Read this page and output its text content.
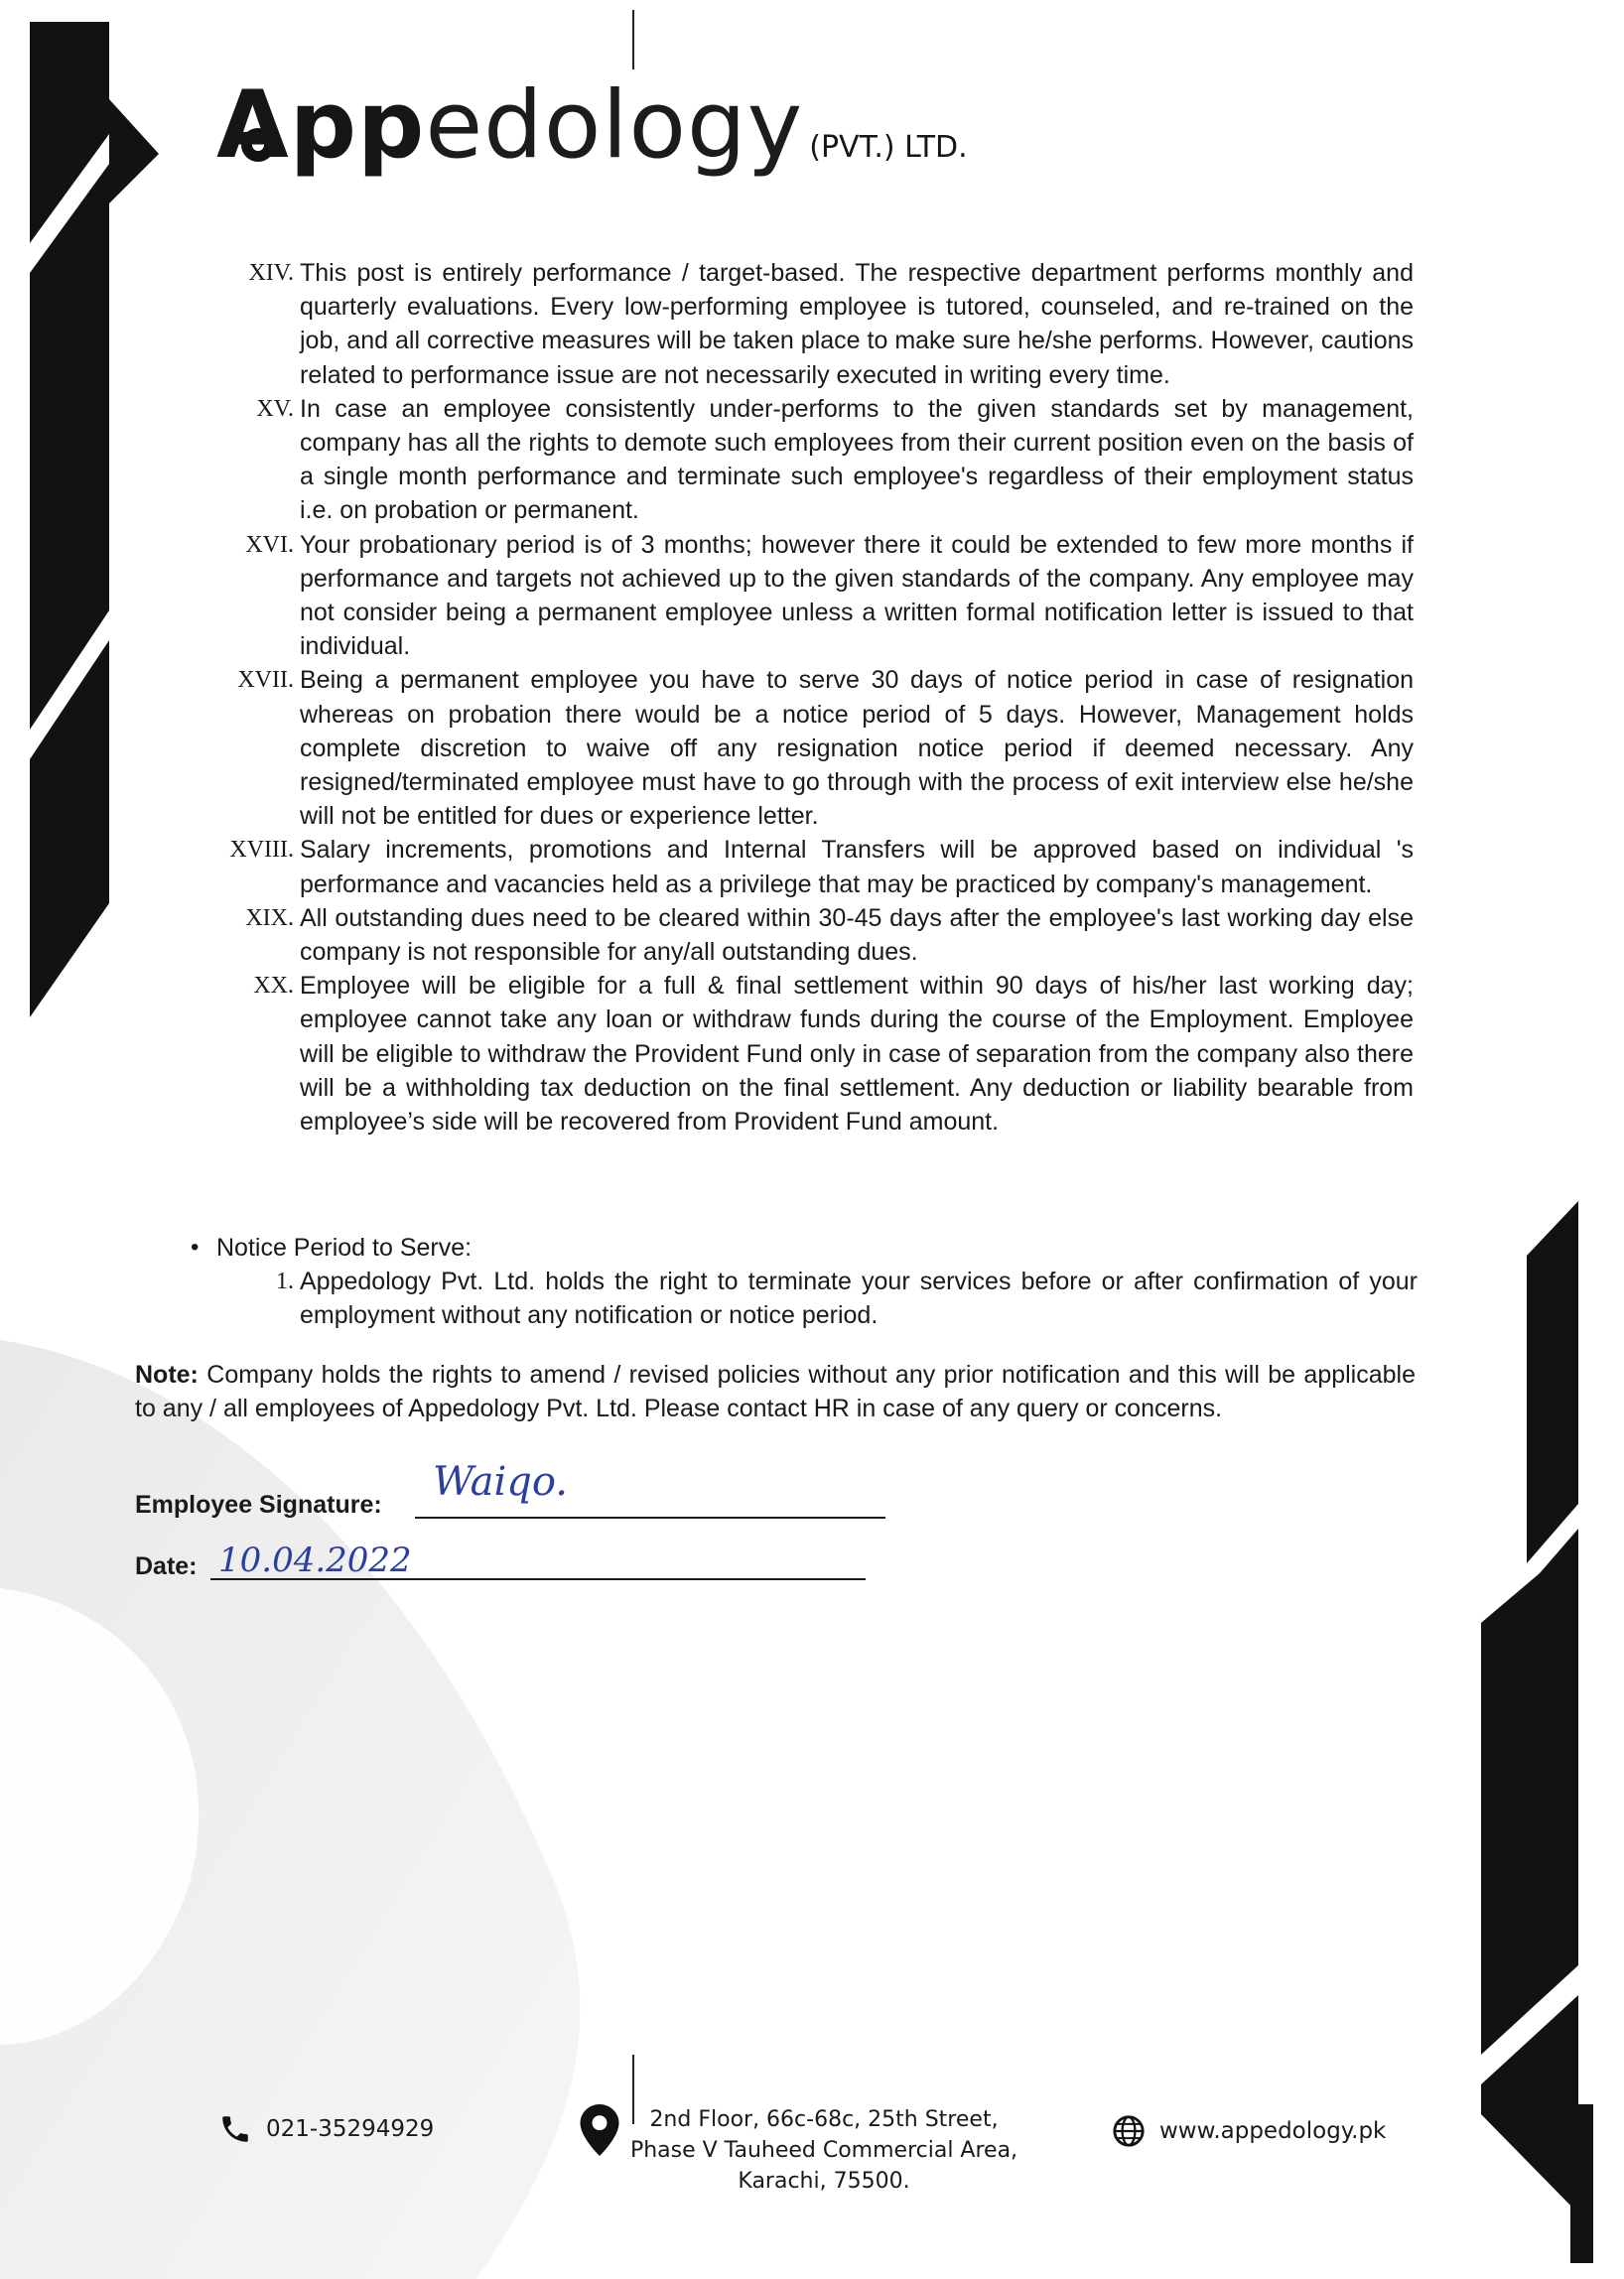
Appedology (PVT.) LTD.
XIV. This post is entirely performance / target-based. The respective department performs monthly and quarterly evaluations. Every low-performing employee is tutored, counseled, and re-trained on the job, and all corrective measures will be taken place to make sure he/she performs. However, cautions related to performance issue are not necessarily executed in writing every time.
XV. In case an employee consistently under-performs to the given standards set by management, company has all the rights to demote such employees from their current position even on the basis of a single month performance and terminate such employee's regardless of their employment status i.e. on probation or permanent.
XVI. Your probationary period is of 3 months; however there it could be extended to few more months if performance and targets not achieved up to the given standards of the company. Any employee may not consider being a permanent employee unless a written formal notification letter is issued to that individual.
XVII. Being a permanent employee you have to serve 30 days of notice period in case of resignation whereas on probation there would be a notice period of 5 days. However, Management holds complete discretion to waive off any resignation notice period if deemed necessary. Any resigned/terminated employee must have to go through with the process of exit interview else he/she will not be entitled for dues or experience letter.
XVIII. Salary increments, promotions and Internal Transfers will be approved based on individual 's performance and vacancies held as a privilege that may be practiced by company's management.
XIX. All outstanding dues need to be cleared within 30-45 days after the employee's last working day else company is not responsible for any/all outstanding dues.
XX. Employee will be eligible for a full & final settlement within 90 days of his/her last working day; employee cannot take any loan or withdraw funds during the course of the Employment. Employee will be eligible to withdraw the Provident Fund only in case of separation from the company also there will be a withholding tax deduction on the final settlement. Any deduction or liability bearable from employee’s side will be recovered from Provident Fund amount.
• Notice Period to Serve:
1. Appedology Pvt. Ltd. holds the right to terminate your services before or after confirmation of your employment without any notification or notice period.
Note: Company holds the rights to amend / revised policies without any prior notification and this will be applicable to any / all employees of Appedology Pvt. Ltd. Please contact HR in case of any query or concerns.
Employee Signature: Waiqo.
Date: 10.04.2022
021-35294929	2nd Floor, 66c-68c, 25th Street,
Phase V Tauheed Commercial Area,
Karachi, 75500.
www.appedology.pk
